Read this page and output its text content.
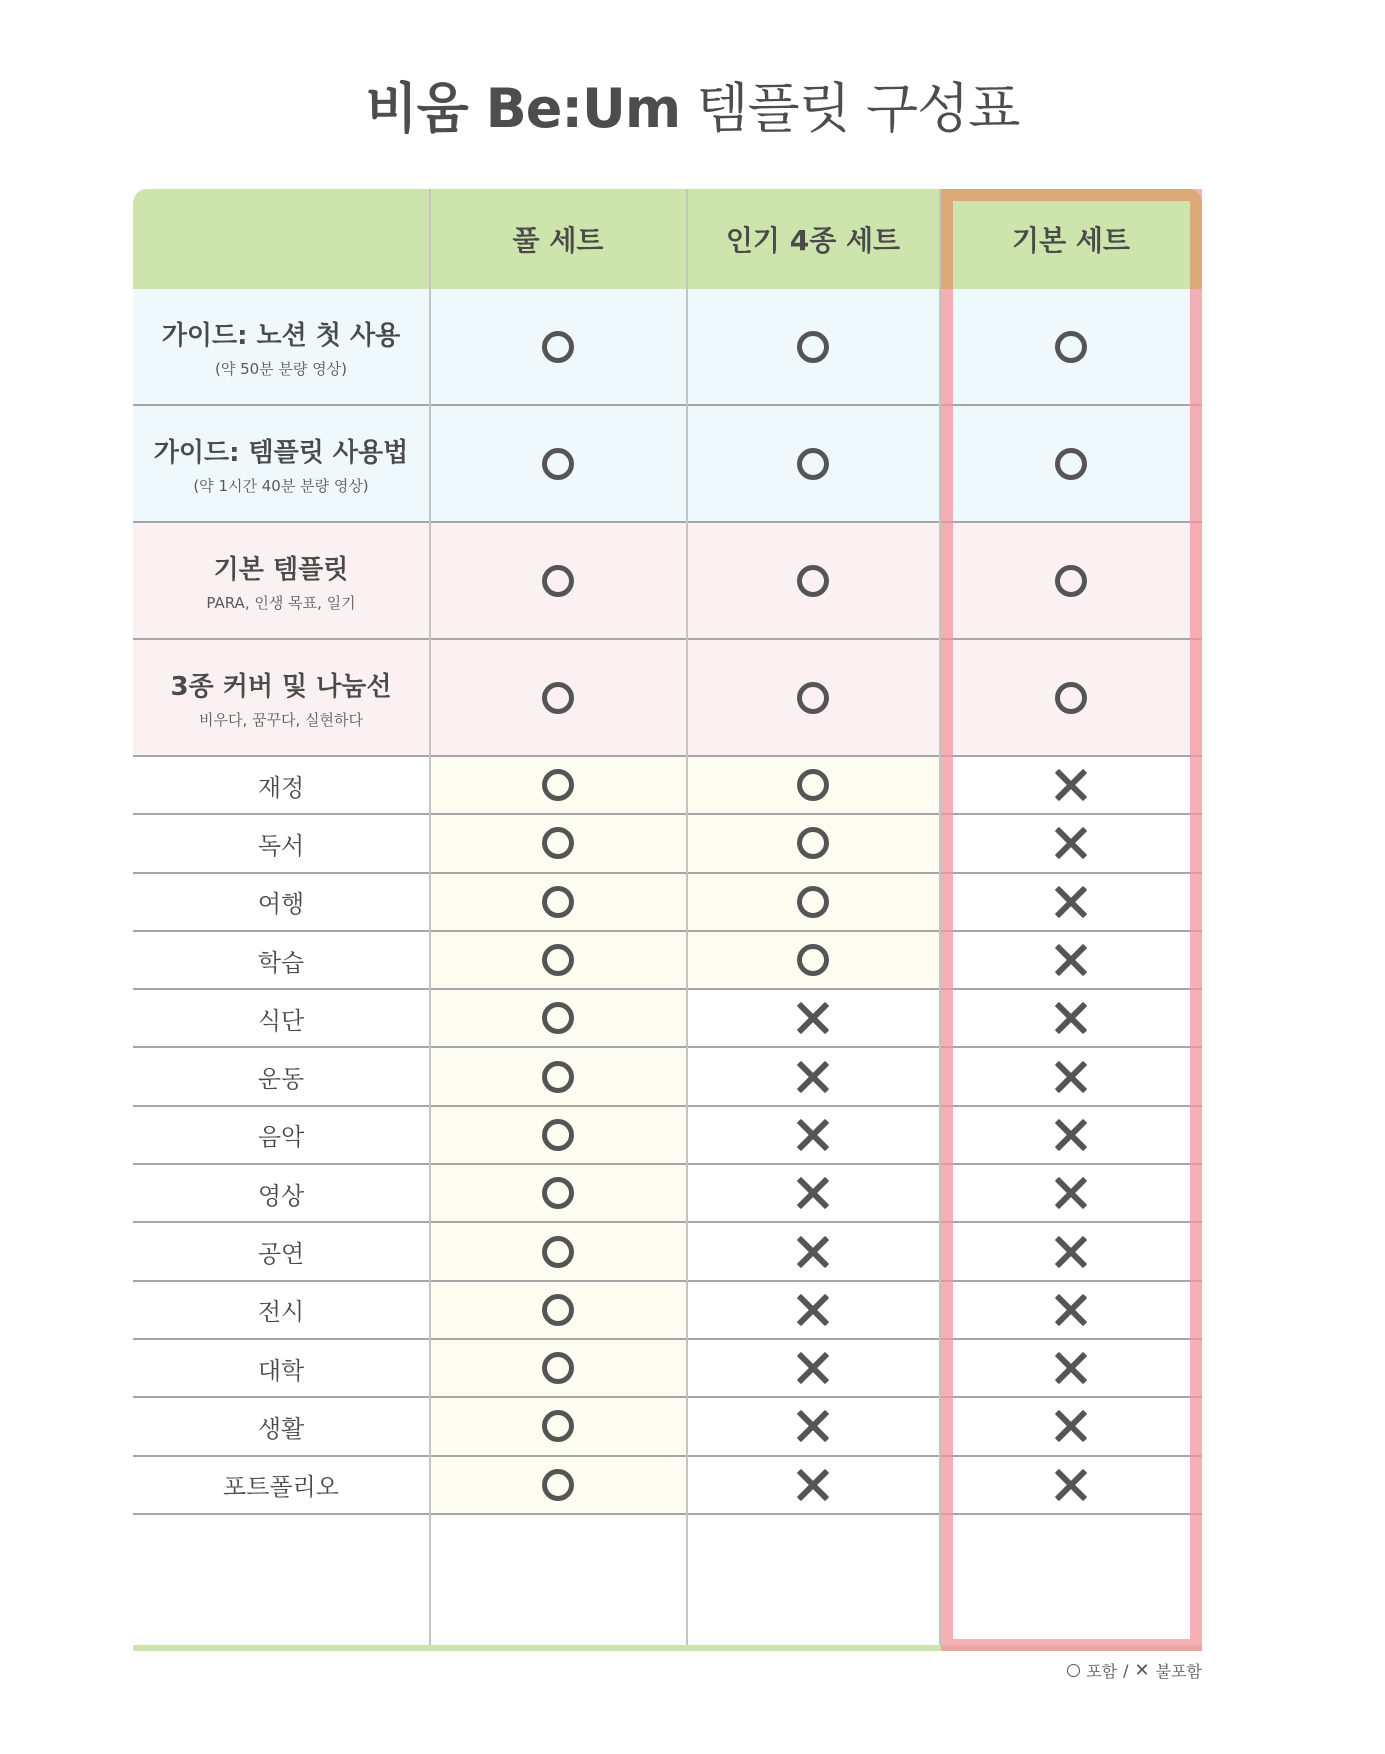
비움 Be:Um 템플릿 구성표
풀 세트	인기 4종 세트	기본 세트
가이드: 노션 첫 사용
(약 50분 분량 영상)
가이드: 템플릿 사용법
(약 1시간 40분 분량 영상)
기본 템플릿
PARA, 인생 목표, 일기
3종 커버 및 나눔선
비우다, 꿈꾸다, 실현하다
재정
독서
여행
학습
식단
운동
음악
영상
공연
전시
대학
생활
포트폴리오
포함 / ✕ 불포함
